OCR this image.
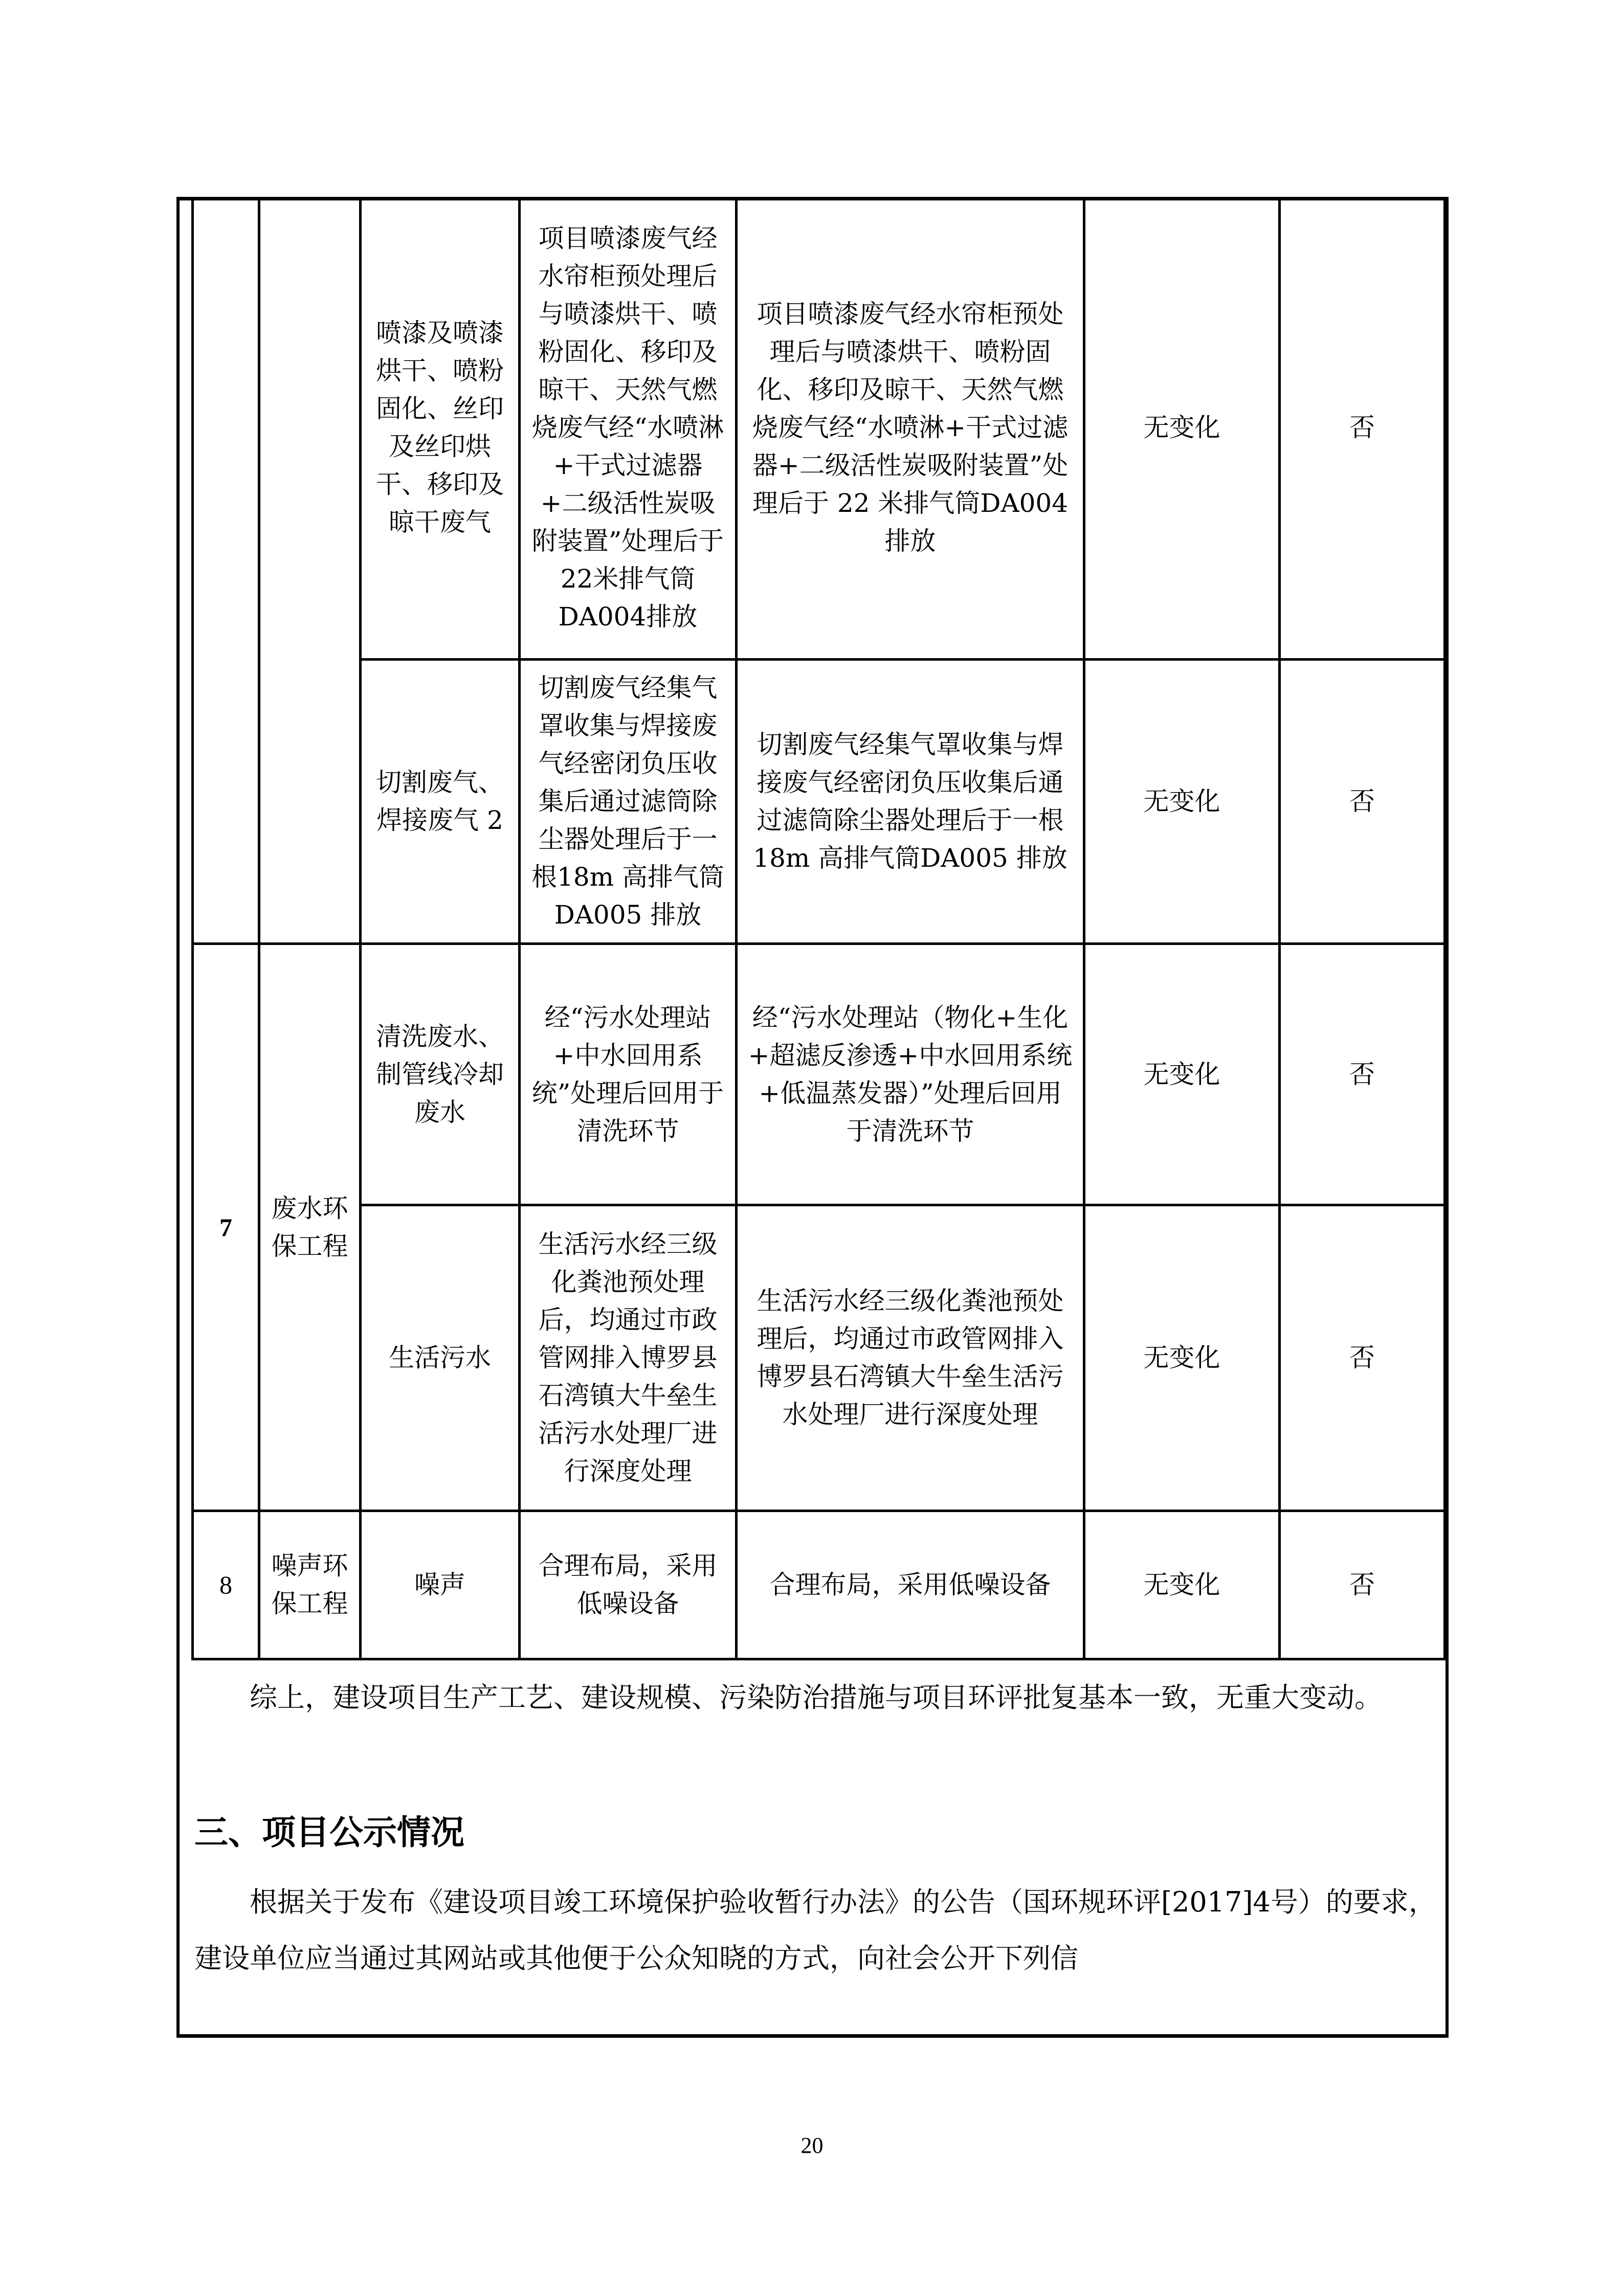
		喷漆及喷漆烘干、喷粉固化、丝印及丝印烘干、移印及晾干废气	项目喷漆废气经水帘柜预处理后与喷漆烘干、喷粉固化、移印及晾干、天然气燃烧废气经“水喷淋+干式过滤器+二级活性炭吸附装置”处理后于22米排气筒DA004排放	项目喷漆废气经水帘柜预处理后与喷漆烘干、喷粉固化、移印及晾干、天然气燃烧废气经“水喷淋+干式过滤器+二级活性炭吸附装置”处理后于 22 米排气筒DA004 排放	无变化	否
		切割废气、焊接废气 2	切割废气经集气罩收集与焊接废气经密闭负压收集后通过滤筒除尘器处理后于一根18m 高排气筒DA005 排放	切割废气经集气罩收集与焊接废气经密闭负压收集后通过滤筒除尘器处理后于一根 18m 高排气筒DA005 排放	无变化	否
7	废水环保工程	清洗废水、制管线冷却废水	经“污水处理站+中水回用系统”处理后回用于清洗环节	经“污水处理站（物化+生化+超滤反渗透+中水回用系统+低温蒸发器）”处理后回用于清洗环节	无变化	否
		生活污水	生活污水经三级化粪池预处理后，均通过市政管网排入博罗县石湾镇大牛垒生活污水处理厂进行深度处理	生活污水经三级化粪池预处理后，均通过市政管网排入博罗县石湾镇大牛垒生活污水处理厂进行深度处理	无变化	否
8	噪声环保工程	噪声	合理布局，采用低噪设备	合理布局，采用低噪设备	无变化	否
综上，建设项目生产工艺、建设规模、污染防治措施与项目环评批复基本一致，无重大变动。
三、项目公示情况
根据关于发布《建设项目竣工环境保护验收暂行办法》的公告（国环规环评[2017]4号）的要求，建设单位应当通过其网站或其他便于公众知晓的方式，向社会公开下列信
20
